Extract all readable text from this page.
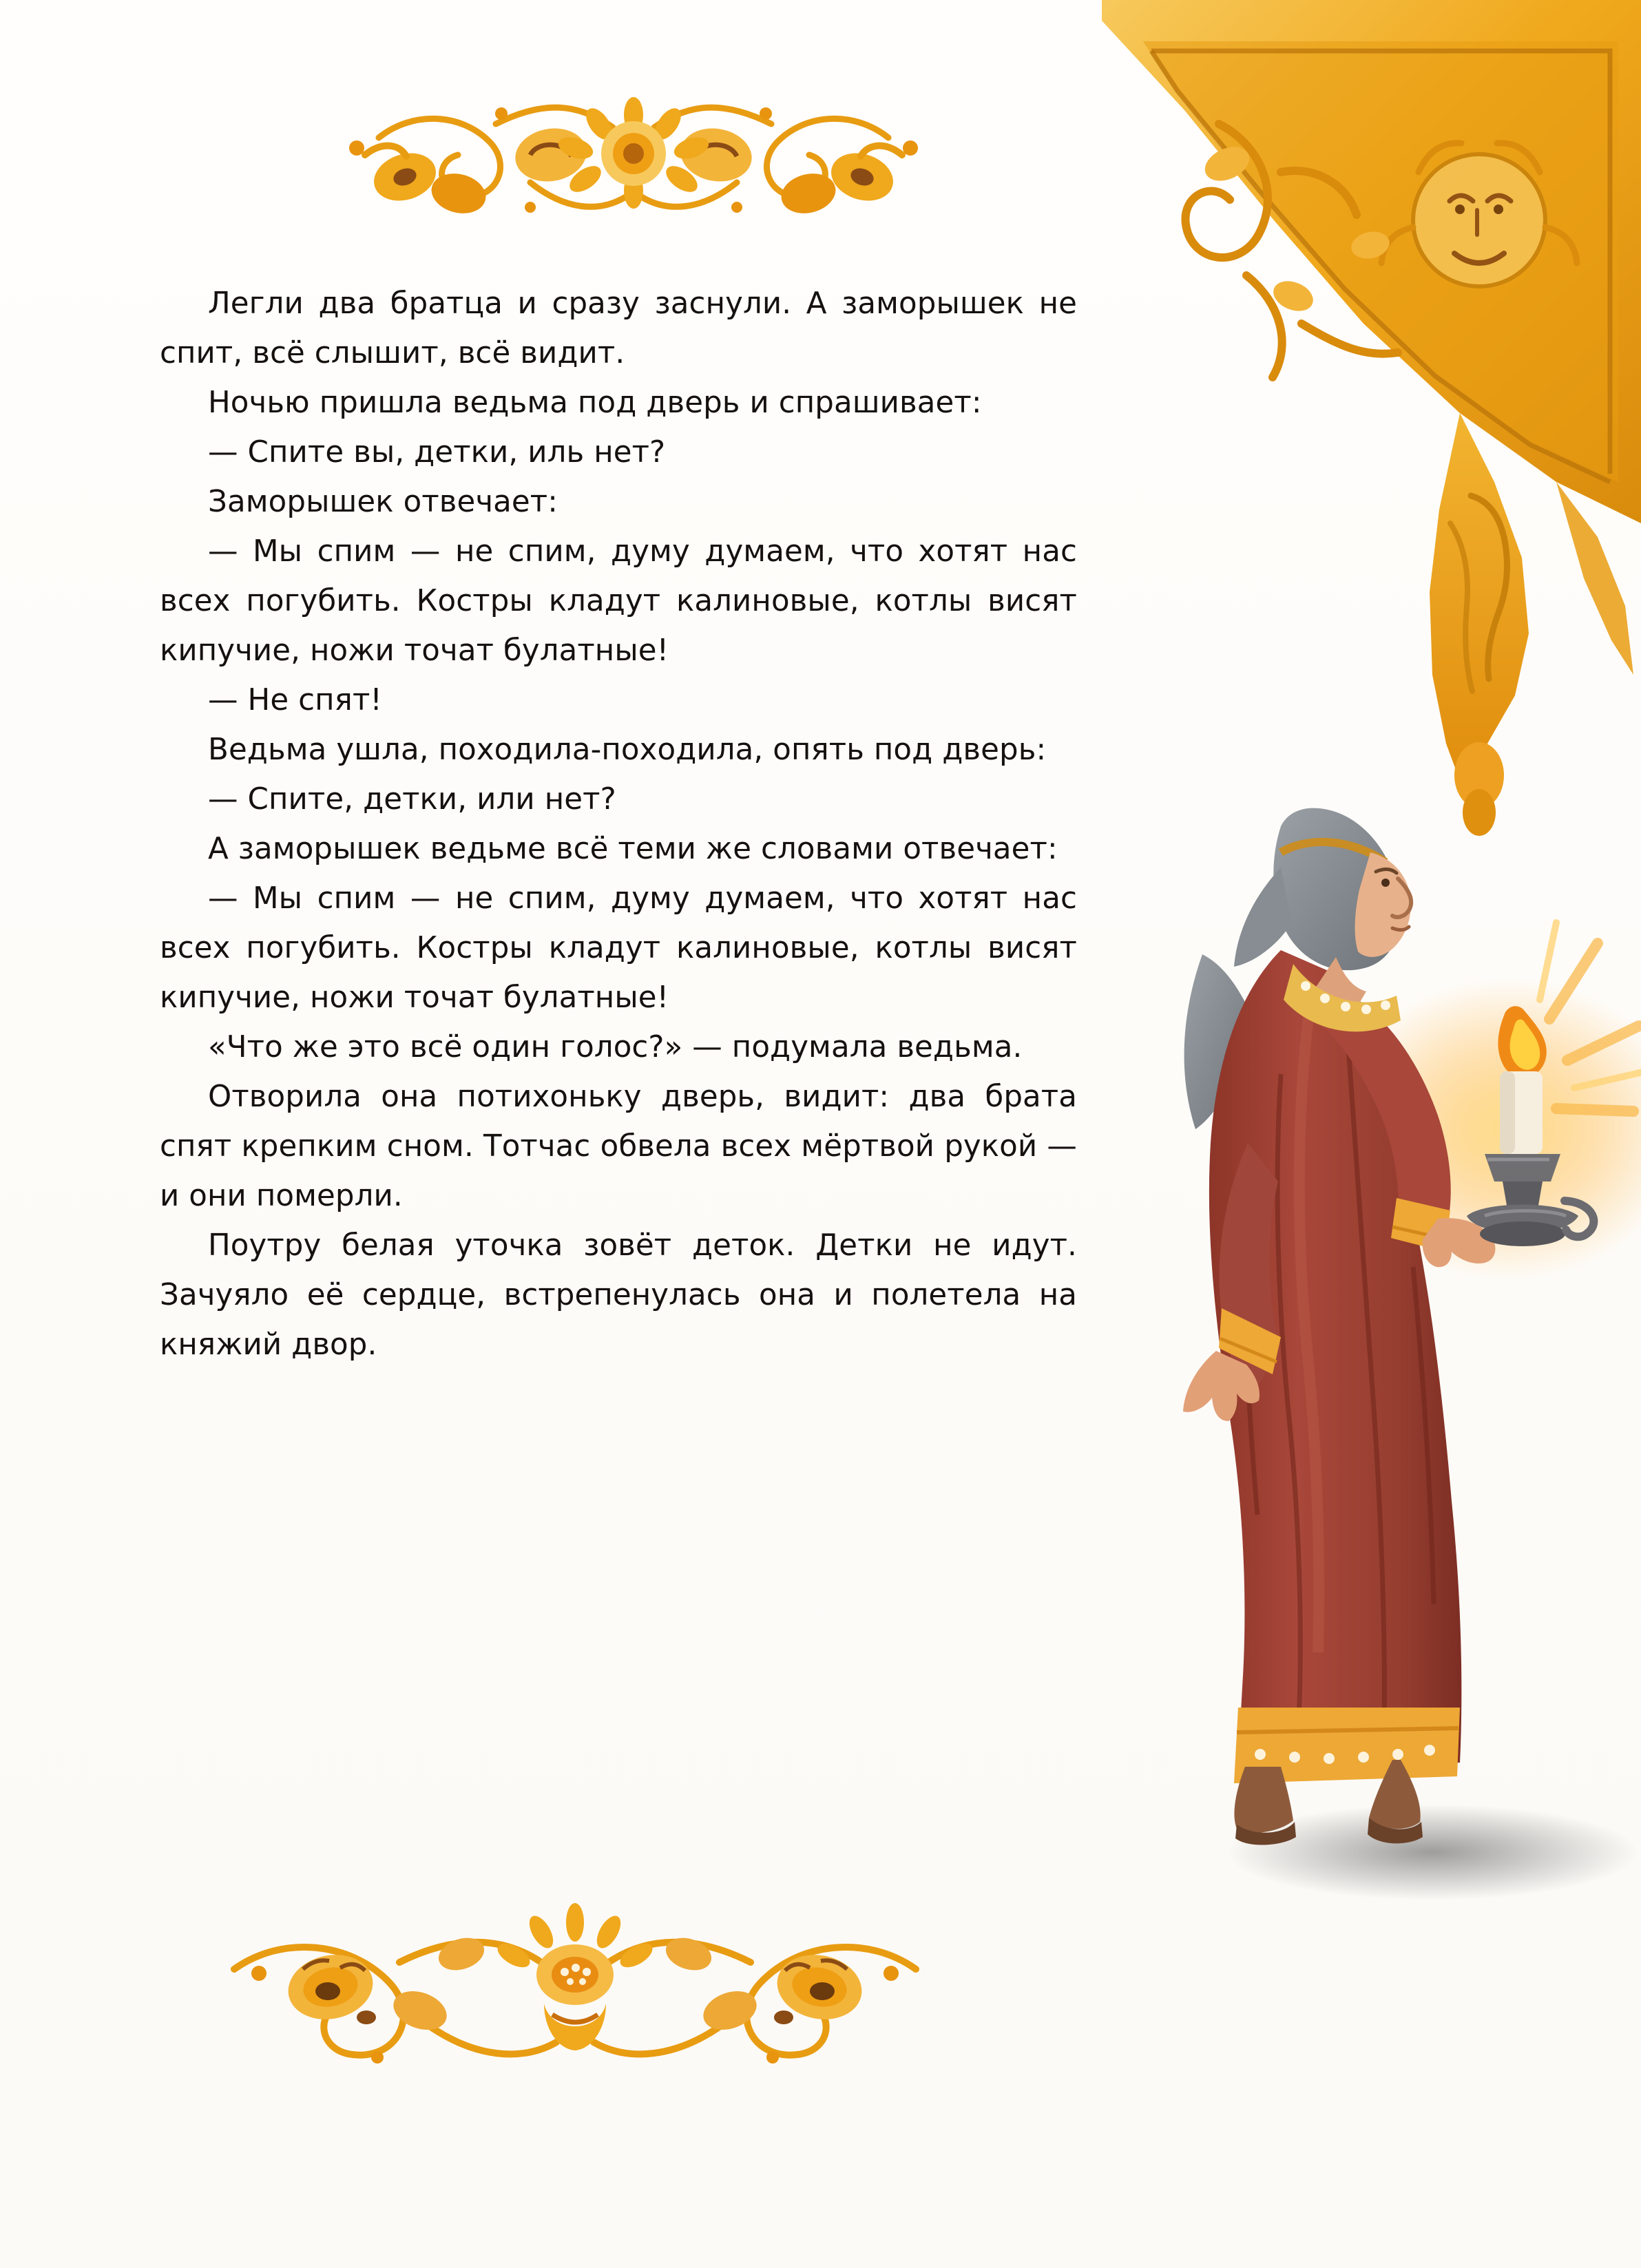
Легли два братца и сразу заснули. А заморышек не спит, всё слышит, всё видит.

Ночью пришла ведьма под дверь и спрашивает:

— Спите вы, детки, иль нет?

Заморышек отвечает:

— Мы спим — не спим, думу думаем, что хотят нас всех погубить. Костры кладут калиновые, котлы висят кипучие, ножи точат булатные!

— Не спят!

Ведьма ушла, походила-походила, опять под дверь:

— Спите, детки, или нет?

А заморышек ведьме всё теми же словами отвечает:

— Мы спим — не спим, думу думаем, что хотят нас всех погубить. Костры кладут калиновые, котлы висят кипучие, ножи точат булатные!

«Что же это всё один голос?» — подумала ведьма.

Отворила она потихоньку дверь, видит: два брата спят крепким сном. Тотчас обвела всех мёртвой рукой — и они померли.

Поутру белая уточка зовёт деток. Детки не идут. Зачуяло её сердце, встрепенулась она и полетела на княжий двор.
